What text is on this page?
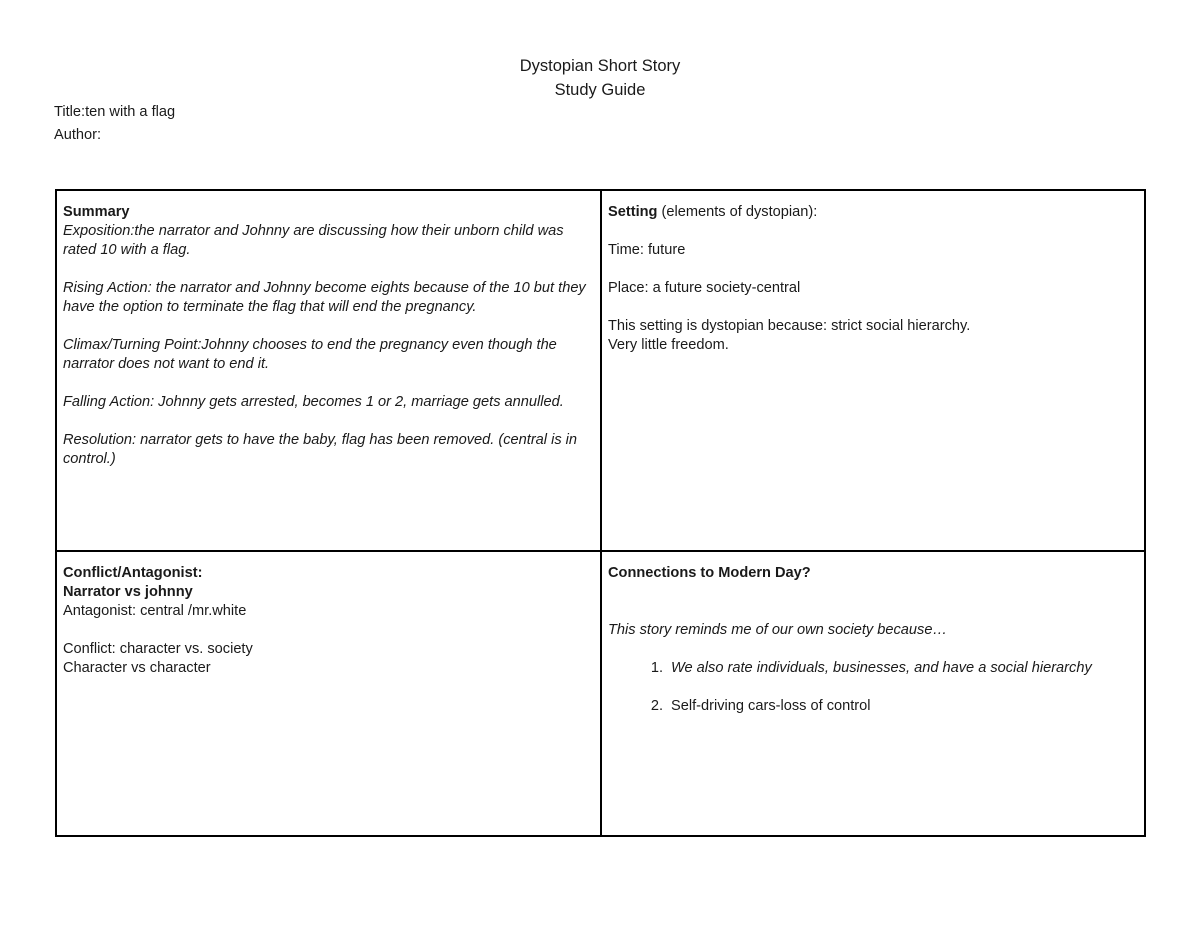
Dystopian Short Story
Study Guide
Title:ten with a flag
Author:

Summary

Exposition:the narrator and Johnny are discussing how their unborn child was rated 10 with a flag.

Rising Action: the narrator and Johnny become eights because of the 10 but they have the option to terminate the flag that will end the pregnancy.

Climax/Turning Point:Johnny chooses to end the pregnancy even though the narrator does not want to end it.

Falling Action: Johnny gets arrested, becomes 1 or 2, marriage gets annulled.

Resolution: narrator gets to have the baby, flag has been removed. (central is in control.)

Setting (elements of dystopian):

Time: future

Place: a future society-central

This setting is dystopian because: strict social hierarchy.

Very little freedom.

Conflict/Antagonist:

Narrator vs johnny

Antagonist: central /mr.white

Conflict: character vs. society

Character vs character

Connections to Modern Day?

This story reminds me of our own society because…

1. We also rate individuals, businesses, and have a social hierarchy
2. Self-driving cars-loss of control
